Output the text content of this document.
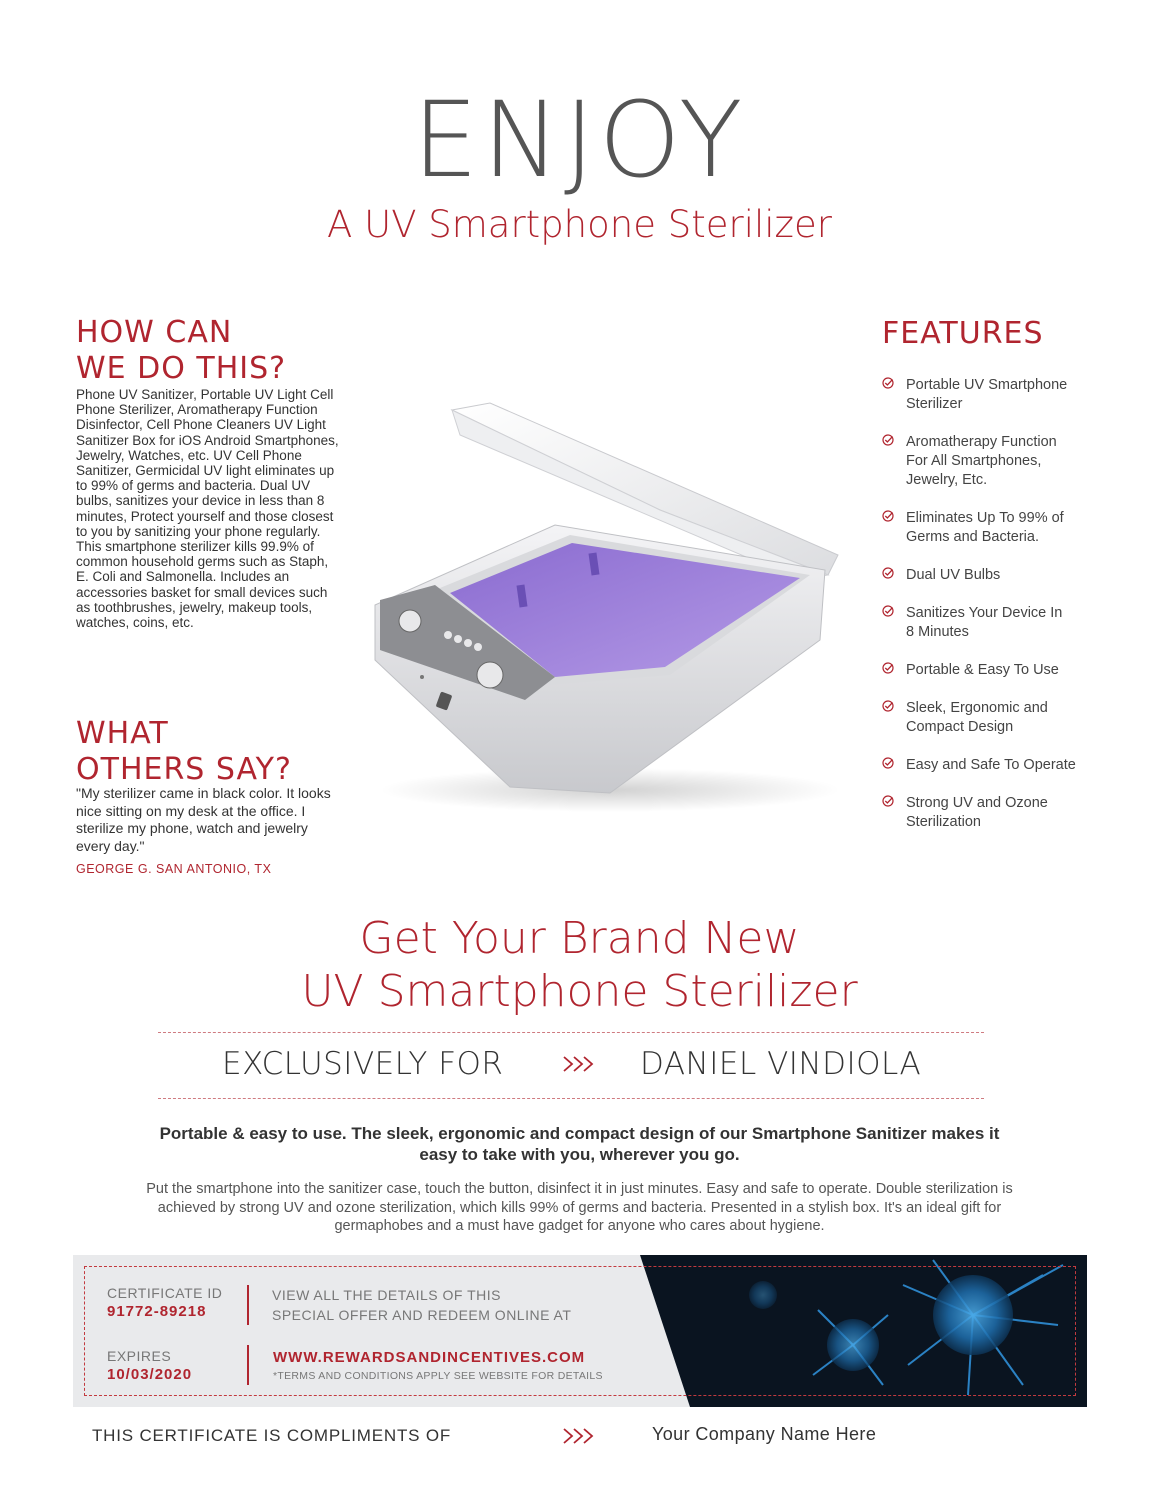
ENJOY
A UV Smartphone Sterilizer
HOW CAN
WE DO THIS?
Phone UV Sanitizer, Portable UV Light Cell Phone Sterilizer, Aromatherapy Function Disinfector, Cell Phone Cleaners UV Light Sanitizer Box for iOS Android Smartphones, Jewelry, Watches, etc. UV Cell Phone Sanitizer, Germicidal UV light eliminates up to 99% of germs and bacteria. Dual UV bulbs, sanitizes your device in less than 8 minutes, Protect yourself and those closest to you by sanitizing your phone regularly. This smartphone sterilizer kills 99.9% of common household germs such as Staph, E. Coli and Salmonella. Includes an accessories basket for small devices such as toothbrushes, jewelry, makeup tools, watches, coins, etc.
WHAT
OTHERS SAY?
"My sterilizer came in black color. It looks nice sitting on my desk at the office. I sterilize my phone, watch and jewelry every day."
GEORGE G. SAN ANTONIO, TX
FEATURES
Portable UV Smartphone
Sterilizer
Aromatherapy Function
For All Smartphones,
Jewelry, Etc.
Eliminates Up To 99% of
Germs and Bacteria.
Dual UV Bulbs
Sanitizes Your Device In
8 Minutes
Portable & Easy To Use
Sleek, Ergonomic and
Compact Design
Easy and Safe To Operate
Strong UV and Ozone
Sterilization
Get Your Brand New
UV Smartphone Sterilizer
EXCLUSIVELY FOR	DANIEL VINDIOLA
Portable & easy to use. The sleek, ergonomic and compact design of our Smartphone Sanitizer makes it easy to take with you, wherever you go.
Put the smartphone into the sanitizer case, touch the button, disinfect it in just minutes. Easy and safe to operate. Double sterilization is achieved by strong UV and ozone sterilization, which kills 99% of germs and bacteria. Presented in a stylish box. It's an ideal gift for germaphobes and a must have gadget for anyone who cares about hygiene.
CERTIFICATE ID
91772-89218
EXPIRES
10/03/2020
VIEW ALL THE DETAILS OF THIS
SPECIAL OFFER AND REDEEM ONLINE AT
WWW.REWARDSANDINCENTIVES.COM
*TERMS AND CONDITIONS APPLY SEE WEBSITE FOR DETAILS
THIS CERTIFICATE IS COMPLIMENTS OF	Your Company Name Here
